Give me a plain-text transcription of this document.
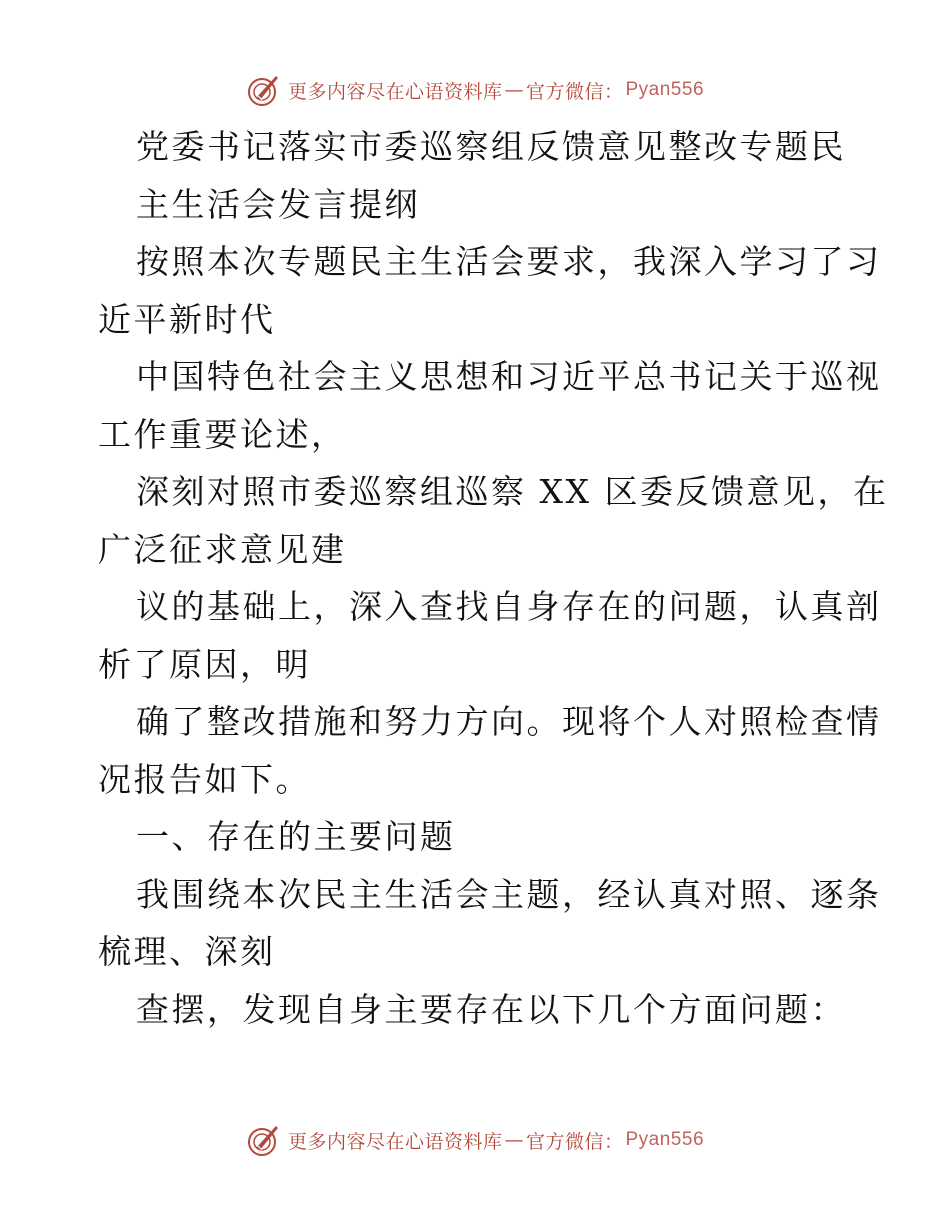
更多内容尽在心语资料库 — 官方微信： Pyan556
党委书记落实市委巡察组反馈意见整改专题民
主生活会发言提纲
按照本次专题民主生活会要求，我深入学习了习
近平新时代
中国特色社会主义思想和习近平总书记关于巡视
工作重要论述，
深刻对照市委巡察组巡察 XX 区委反馈意见，在
广泛征求意见建
议的基础上，深入查找自身存在的问题，认真剖
析了原因，明
确了整改措施和努力方向。现将个人对照检查情
况报告如下。
一、存在的主要问题
我围绕本次民主生活会主题，经认真对照、逐条
梳理、深刻
查摆，发现自身主要存在以下几个方面问题：
更多内容尽在心语资料库 — 官方微信： Pyan556
